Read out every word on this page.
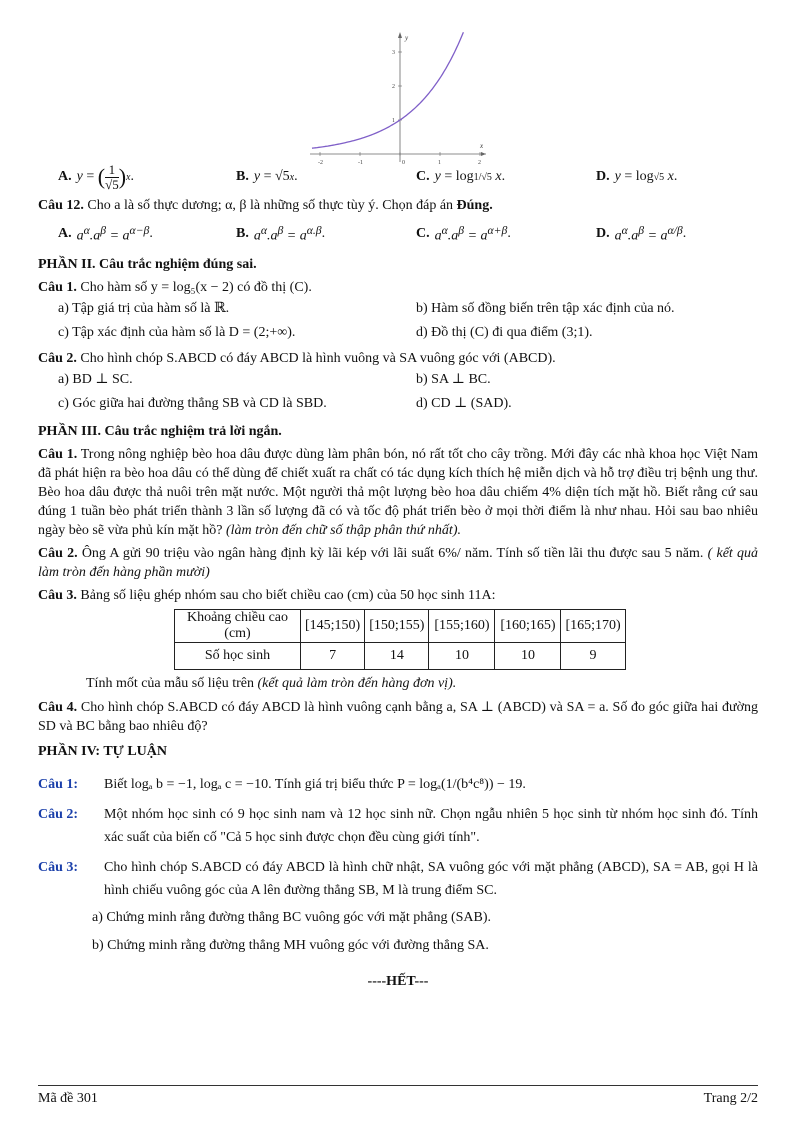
-2	-1	0	1	2
1
2
3
x
y
A. y = ( $\frac{1}{√5}$ ) x .	B. y = √5 x .	C. y = log 1/√5
x .	D. y = log √5
x .
Câu 12. Cho a là số thực dương; α, β là những số thực tùy ý. Chọn đáp án Đúng.
A. $a^\alpha.a^\beta = a^{\alpha-\beta}$ .	B. $a^\alpha.a^\beta = a^{\alpha.\beta}$ .	C. $a^\alpha.a^\beta = a^{\alpha+\beta}$ .	D. $a^\alpha.a^\beta = a^{\alpha/\beta}$ .
PHẦN II. Câu trắc nghiệm đúng sai.
Câu 1. Cho hàm số y = log₅(x − 2) có đồ thị (C).
a) Tập giá trị của hàm số là ℝ.	b) Hàm số đồng biến trên tập xác định của nó.
c) Tập xác định của hàm số là D = (2;+∞).	d) Đồ thị (C) đi qua điểm (3;1).
Câu 2. Cho hình chóp S.ABCD có đáy ABCD là hình vuông và SA vuông góc với (ABCD).
a) BD ⊥ SC.	b) SA ⊥ BC.
c) Góc giữa hai đường thẳng SB và CD là SBD.	d) CD ⊥ (SAD).
PHẦN III. Câu trắc nghiệm trả lời ngắn.
Câu 1. Trong nông nghiệp bèo hoa dâu được dùng làm phân bón, nó rất tốt cho cây trồng. Mới đây các nhà khoa học Việt Nam đã phát hiện ra bèo hoa dâu có thể dùng để chiết xuất ra chất có tác dụng kích thích hệ miễn dịch và hỗ trợ điều trị bệnh ung thư. Bèo hoa dâu được thả nuôi trên mặt nước. Một người thả một lượng bèo hoa dâu chiếm 4% diện tích mặt hồ. Biết rằng cứ sau đúng 1 tuần bèo phát triển thành 3 lần số lượng đã có và tốc độ phát triển bèo ở mọi thời điểm là như nhau. Hỏi sau bao nhiêu ngày bèo sẽ vừa phủ kín mặt hồ? (làm tròn đến chữ số thập phân thứ nhất).
Câu 2. Ông A gửi 90 triệu vào ngân hàng định kỳ lãi kép với lãi suất 6%/ năm. Tính số tiền lãi thu được sau 5 năm. ( kết quả làm tròn đến hàng phần mười)
Câu 3. Bảng số liệu ghép nhóm sau cho biết chiều cao (cm) của 50 học sinh 11A:
Khoảng chiều cao (cm)	[145;150)	[150;155)	[155;160)	[160;165)	[165;170)
Số học sinh	7	14	10	10	9
Tính mốt của mẫu số liệu trên (kết quả làm tròn đến hàng đơn vị).
Câu 4. Cho hình chóp S.ABCD có đáy ABCD là hình vuông cạnh bằng a, SA ⊥ (ABCD) và SA = a. Số đo góc giữa hai đường SD và BC bằng bao nhiêu độ?
PHẦN IV: TỰ LUẬN
Câu 1:	Biết logₐ b = −1, logₐ c = −10. Tính giá trị biểu thức P = logₐ(1/(b⁴c⁸)) − 19.
Câu 2:	Một nhóm học sinh có 9 học sinh nam và 12 học sinh nữ. Chọn ngẫu nhiên 5 học sinh từ nhóm học sinh đó. Tính xác suất của biến cố "Cả 5 học sinh được chọn đều cùng giới tính".
Câu 3:	Cho hình chóp S.ABCD có đáy ABCD là hình chữ nhật, SA vuông góc với mặt phẳng (ABCD), SA = AB, gọi H là hình chiếu vuông góc của A lên đường thẳng SB, M là trung điểm SC.
a) Chứng minh rằng đường thẳng BC vuông góc với mặt phẳng (SAB).
b) Chứng minh rằng đường thẳng MH vuông góc với đường thẳng SA.
----HẾT---
Mã đề 301	Trang 2/2
